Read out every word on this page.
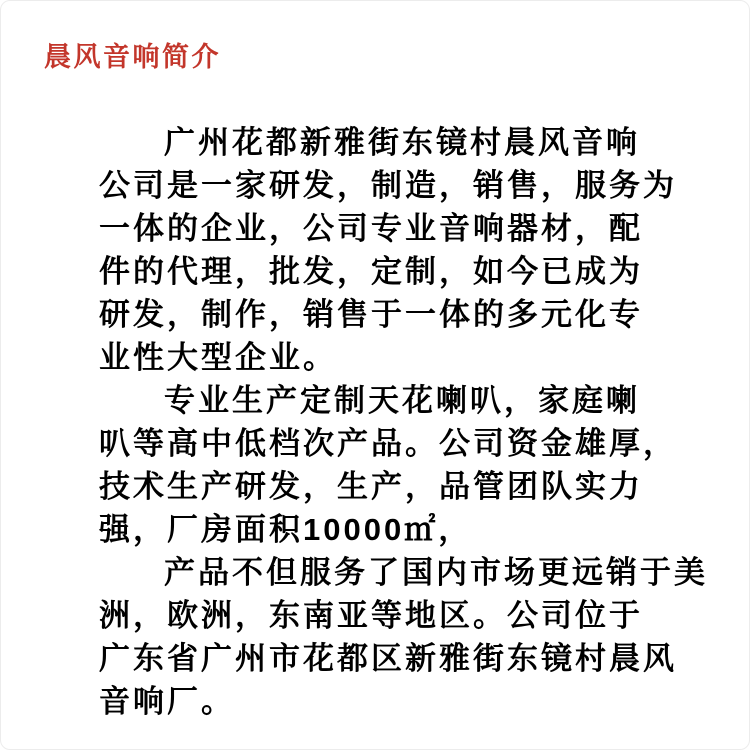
晨风音响简介
广州花都新雅街东镜村晨风音响
公司是一家研发，制造，销售，服务为
一体的企业，公司专业音响器材，配
件的代理，批发，定制，如今已成为
研发，制作，销售于一体的多元化专
业性大型企业。
专业生产定制天花喇叭，家庭喇
叭等高中低档次产品。公司资金雄厚，
技术生产研发，生产，品管团队实力
强，厂房面积10000㎡，
产品不但服务了国内市场更远销于美
洲，欧洲，东南亚等地区。公司位于
广东省广州市花都区新雅街东镜村晨风
音响厂。
